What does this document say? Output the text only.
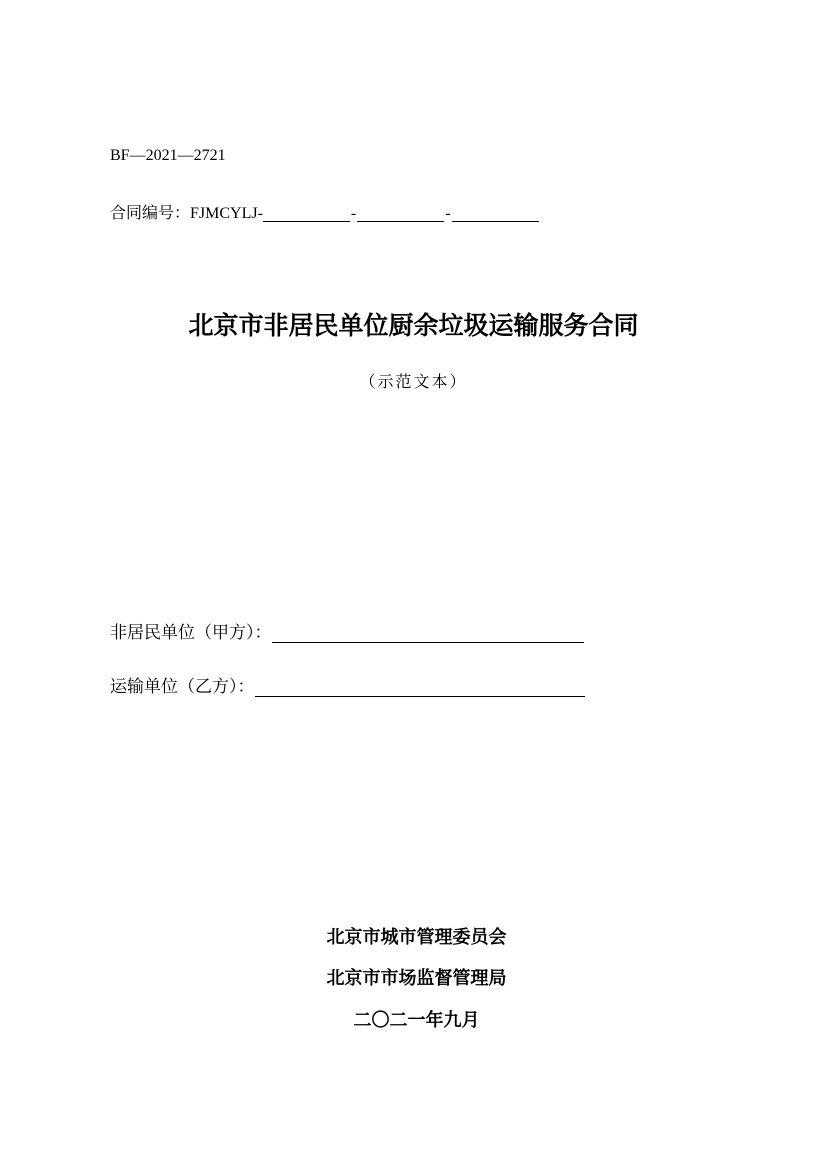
BF—2021—2721
合同编号： FJMCYLJ-	-	-
北京市非居民单位厨余垃圾运输服务合同
（示范文本）
非居民单位（甲方）：
运输单位（乙方）：
北京市城市管理委员会
北京市市场监督管理局
二〇二一年九月
